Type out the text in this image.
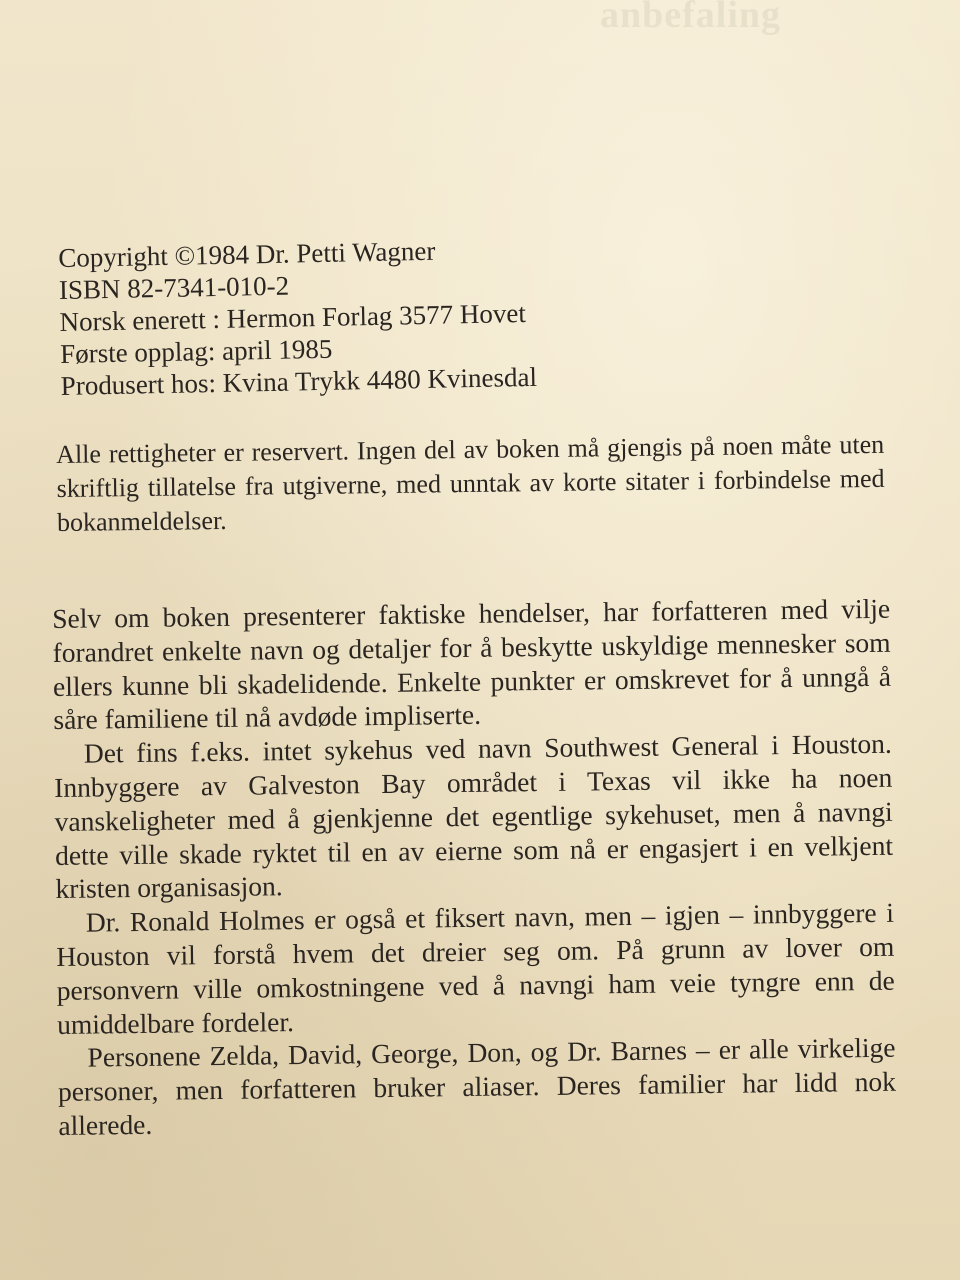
anbefaling
Copyright ©1984 Dr. Petti Wagner
ISBN 82-7341-010-2
Norsk enerett : Hermon Forlag 3577 Hovet
Første opplag: april 1985
Produsert hos: Kvina Trykk 4480 Kvinesdal
Alle rettigheter er reservert. Ingen del av boken må gjengis på noen måte uten skriftlig tillatelse fra utgiverne, med unntak av korte sitater i forbindelse med bokanmeldelser.

Selv om boken presenterer faktiske hendelser, har forfatteren med vilje forandret enkelte navn og detaljer for å beskytte uskyldige mennesker som ellers kunne bli skadelidende. Enkelte punkter er omskrevet for å unngå å såre familiene til nå avdøde impliserte.

Det fins f.eks. intet sykehus ved navn Southwest General i Houston. Innbyggere av Galveston Bay området i Texas vil ikke ha noen vanskeligheter med å gjenkjenne det egentlige sykehuset, men å navngi dette ville skade ryktet til en av eierne som nå er engasjert i en velkjent kristen organisasjon.

Dr. Ronald Holmes er også et fiksert navn, men – igjen – innbyggere i Houston vil forstå hvem det dreier seg om. På grunn av lover om personvern ville omkostningene ved å navngi ham veie tyngre enn de umiddelbare fordeler.

Personene Zelda, David, George, Don, og Dr. Barnes – er alle virkelige personer, men forfatteren bruker aliaser. Deres familier har lidd nok allerede.
